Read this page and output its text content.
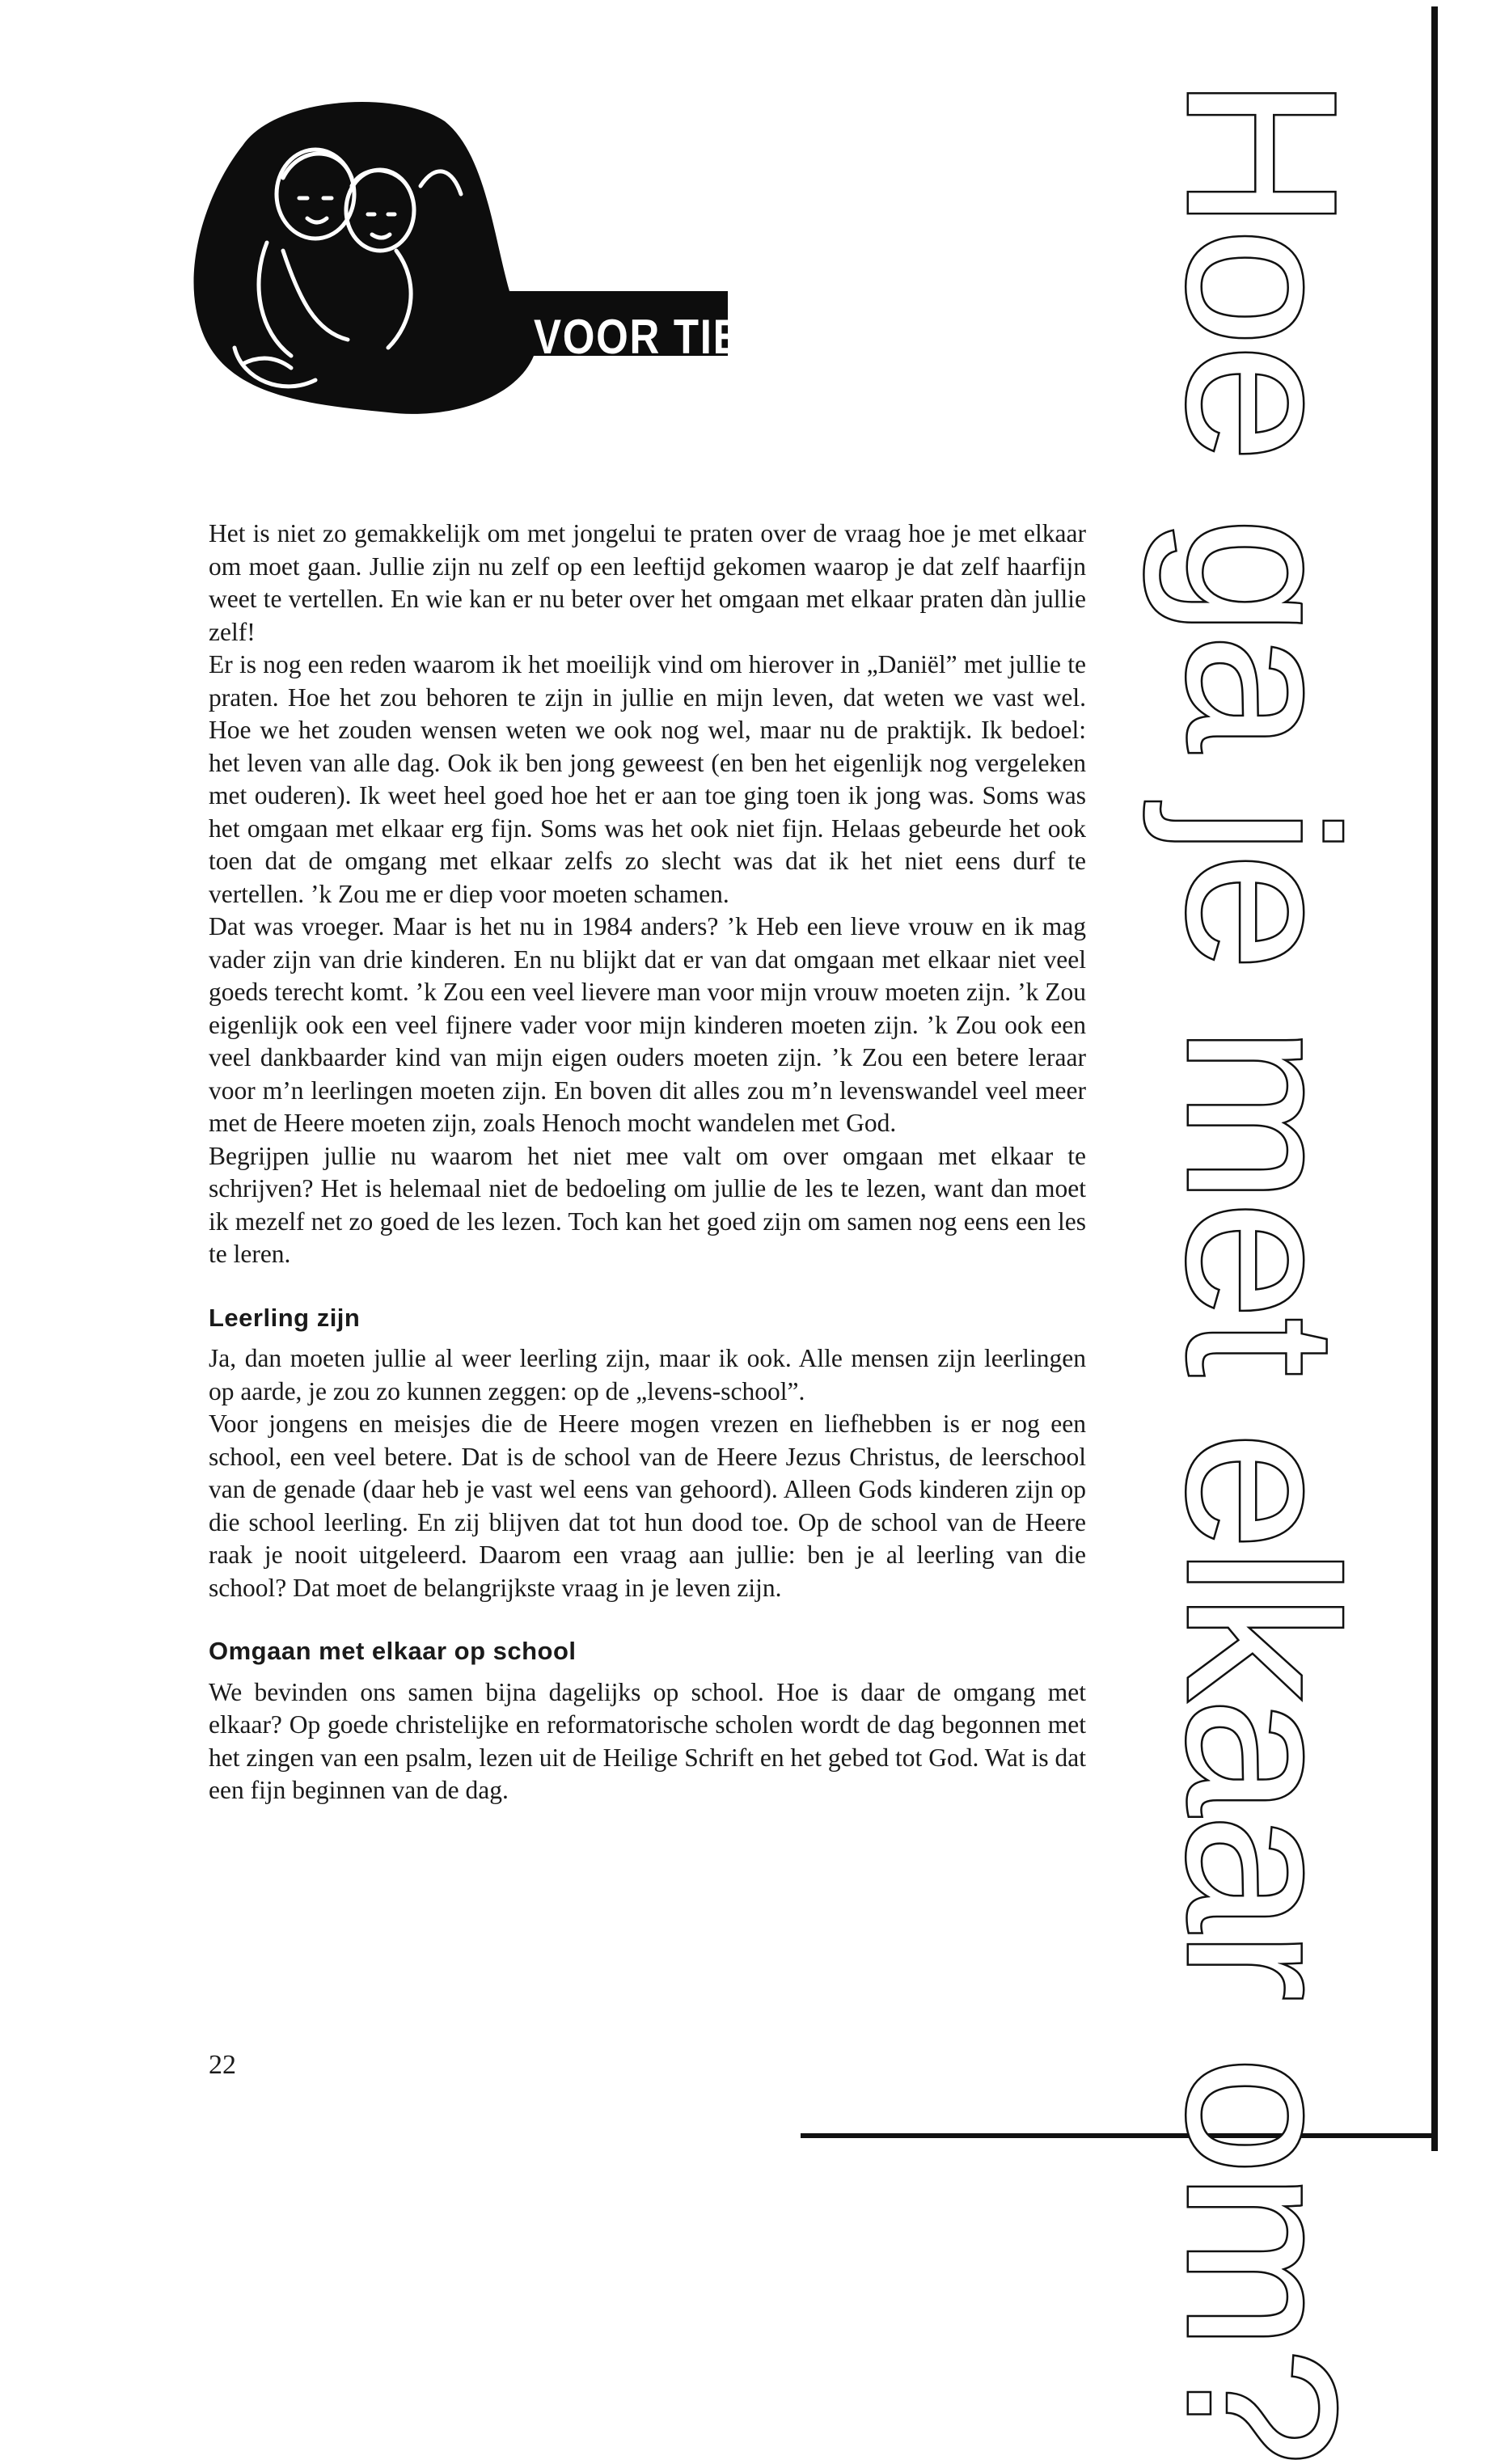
VOOR TIENERS Hoe ga je met elkaar om?

Het is niet zo gemakkelijk om met jongelui te praten over de vraag hoe je met elkaar om moet gaan. Jullie zijn nu zelf op een leeftijd gekomen waarop je dat zelf haarfijn weet te vertellen. En wie kan er nu beter over het omgaan met elkaar praten dàn jullie zelf!

Er is nog een reden waarom ik het moeilijk vind om hierover in „Daniël” met jullie te praten. Hoe het zou behoren te zijn in jullie en mijn leven, dat weten we vast wel. Hoe we het zouden wensen weten we ook nog wel, maar nu de praktijk. Ik bedoel: het leven van alle dag. Ook ik ben jong geweest (en ben het eigenlijk nog vergeleken met ouderen). Ik weet heel goed hoe het er aan toe ging toen ik jong was. Soms was het omgaan met elkaar erg fijn. Soms was het ook niet fijn. Helaas gebeurde het ook toen dat de omgang met elkaar zelfs zo slecht was dat ik het niet eens durf te vertellen. ’k Zou me er diep voor moeten schamen.

Dat was vroeger. Maar is het nu in 1984 anders? ’k Heb een lieve vrouw en ik mag vader zijn van drie kinderen. En nu blijkt dat er van dat omgaan met elkaar niet veel goeds terecht komt. ’k Zou een veel lievere man voor mijn vrouw moeten zijn. ’k Zou eigenlijk ook een veel fijnere vader voor mijn kinderen moeten zijn. ’k Zou ook een veel dankbaarder kind van mijn eigen ouders moeten zijn. ’k Zou een betere leraar voor m’n leerlingen moeten zijn. En boven dit alles zou m’n levenswandel veel meer met de Heere moeten zijn, zoals Henoch mocht wandelen met God.

Begrijpen jullie nu waarom het niet mee valt om over omgaan met elkaar te schrijven? Het is helemaal niet de bedoeling om jullie de les te lezen, want dan moet ik mezelf net zo goed de les lezen. Toch kan het goed zijn om samen nog eens een les te leren.

Leerling zijn

Ja, dan moeten jullie al weer leerling zijn, maar ik ook. Alle mensen zijn leerlingen op aarde, je zou zo kunnen zeggen: op de „levens-school”.

Voor jongens en meisjes die de Heere mogen vrezen en liefhebben is er nog een school, een veel betere. Dat is de school van de Heere Jezus Christus, de leerschool van de genade (daar heb je vast wel eens van gehoord). Alleen Gods kinderen zijn op die school leerling. En zij blijven dat tot hun dood toe. Op de school van de Heere raak je nooit uitgeleerd. Daarom een vraag aan jullie: ben je al leerling van die school? Dat moet de belangrijkste vraag in je leven zijn.

Omgaan met elkaar op school

We bevinden ons samen bijna dagelijks op school. Hoe is daar de omgang met elkaar? Op goede christelijke en reformatorische scholen wordt de dag begonnen met het zingen van een psalm, lezen uit de Heilige Schrift en het gebed tot God. Wat is dat een fijn beginnen van de dag.

22
